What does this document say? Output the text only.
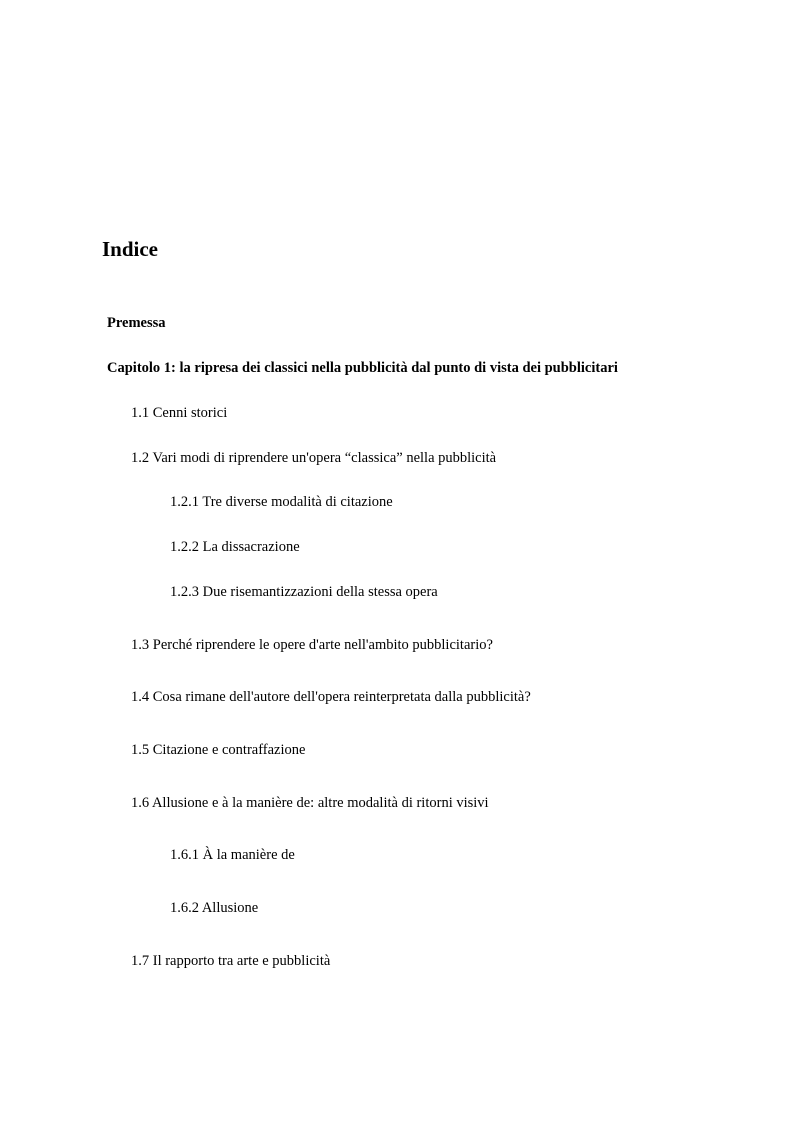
Indice
Premessa
Capitolo 1: la ripresa dei classici nella pubblicità dal punto di vista dei pubblicitari
1.1 Cenni storici
1.2 Vari modi di riprendere un'opera “classica” nella pubblicità
1.2.1 Tre diverse modalità di citazione
1.2.2 La dissacrazione
1.2.3 Due risemantizzazioni della stessa opera
1.3 Perché riprendere le opere d'arte nell'ambito pubblicitario?
1.4 Cosa rimane dell'autore dell'opera reinterpretata dalla pubblicità?
1.5 Citazione e contraffazione
1.6 Allusione e à la manière de: altre modalità di ritorni visivi
1.6.1 À la manière de
1.6.2 Allusione
1.7 Il rapporto tra arte e pubblicità
